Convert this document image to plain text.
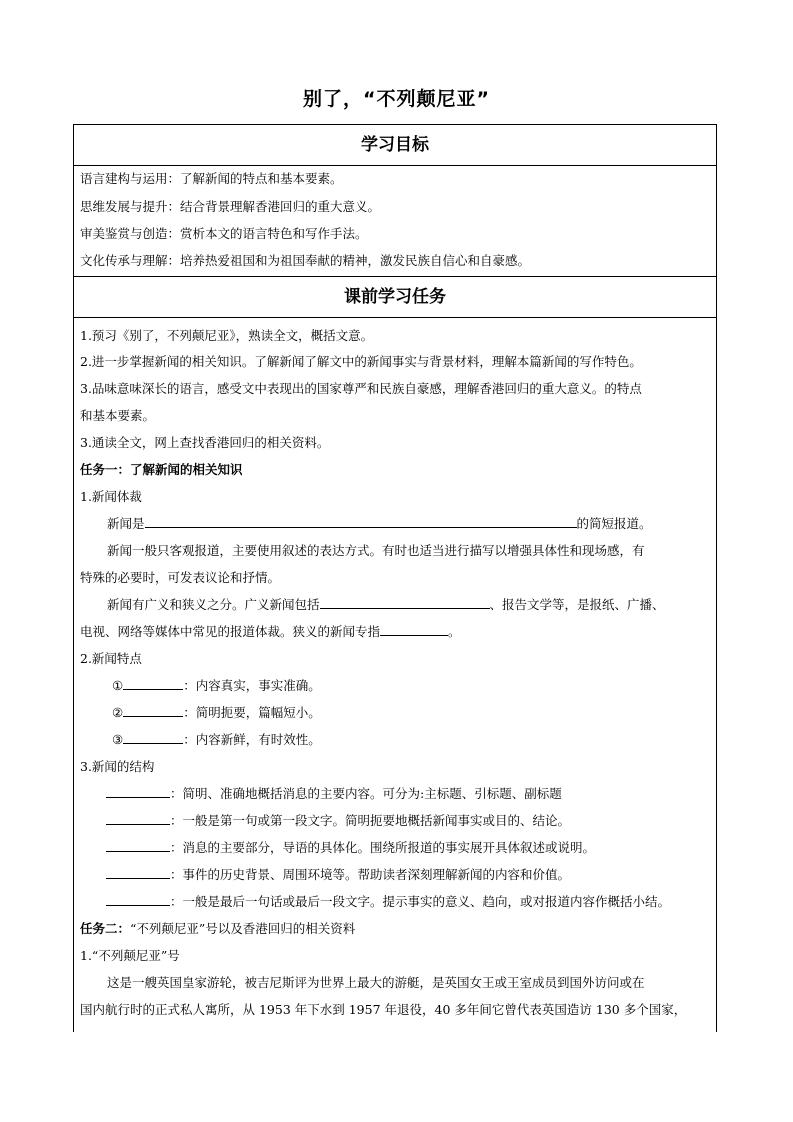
别了，“不列颠尼亚”
学习目标
语言建构与运用：了解新闻的特点和基本要素。
思维发展与提升：结合背景理解香港回归的重大意义。
审美鉴赏与创造：赏析本文的语言特色和写作手法。
文化传承与理解：培养热爱祖国和为祖国奉献的精神，激发民族自信心和自豪感。
课前学习任务
1.预习《别了，不列颠尼亚》，熟读全文，概括文意。
2.进一步掌握新闻的相关知识。了解新闻了解文中的新闻事实与背景材料，理解本篇新闻的写作特色。
3.品味意味深长的语言，感受文中表现出的国家尊严和民族自豪感，理解香港回归的重大意义。的特点
和基本要素。
3.通读全文，网上查找香港回归的相关资料。
任务一：了解新闻的相关知识
1.新闻体裁
新闻是	的简短报道。
新闻一般只客观报道，主要使用叙述的表达方式。有时也适当进行描写以增强具体性和现场感，有
特殊的必要时，可发表议论和抒情。
新闻有广义和狭义之分。广义新闻包括	、报告文学等，是报纸、广播、
电视、网络等媒体中常见的报道体裁。狭义的新闻专指	。
2.新闻特点
①	：内容真实，事实准确。
②	：简明扼要，篇幅短小。
③	：内容新鲜，有时效性。
3.新闻的结构
：简明、准确地概括消息的主要内容。可分为:主标题、引标题、副标题
：一般是第一句或第一段文字。简明扼要地概括新闻事实或目的、结论。
：消息的主要部分，导语的具体化。围绕所报道的事实展开具体叙述或说明。
：事件的历史背景、周围环境等。帮助读者深刻理解新闻的内容和价值。
：一般是最后一句话或最后一段文字。提示事实的意义、趋向，或对报道内容作概括小结。
任务二：“不列颠尼亚”号以及香港回归的相关资料
1.“不列颠尼亚”号
这是一艘英国皇家游轮，被吉尼斯评为世界上最大的游艇，是英国女王或王室成员到国外访问或在
国内航行时的正式私人寓所，从 1953 年下水到 1957 年退役，40 多年间它曾代表英国造访 130 多个国家，
